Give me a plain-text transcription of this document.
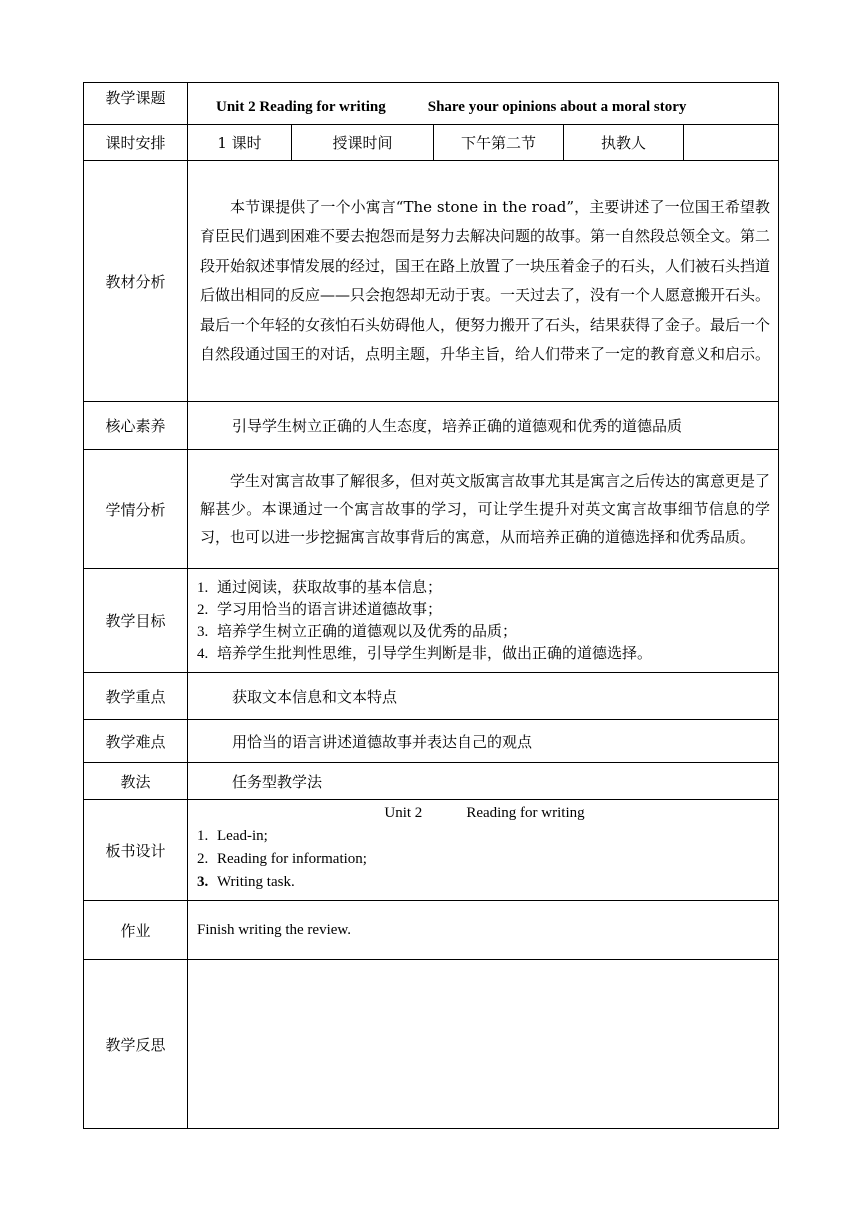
教学课题	Unit 2 Reading for writing Share your opinions about a moral story				
课时安排	1 课时	授课时间	下午第二节	执教人	
教材分析	本节课提供了一个小寓言“The stone in the road”，主要讲述了一位国王希望教育臣民们遇到困难不要去抱怨而是努力去解决问题的故事。第一自然段总领全文。第二段开始叙述事情发展的经过，国王在路上放置了一块压着金子的石头，人们被石头挡道后做出相同的反应——只会抱怨却无动于衷。一天过去了，没有一个人愿意搬开石头。最后一个年轻的女孩怕石头妨碍他人，便努力搬开了石头，结果获得了金子。最后一个自然段通过国王的对话，点明主题，升华主旨，给人们带来了一定的教育意义和启示。				
核心素养	引导学生树立正确的人生态度，培养正确的道德观和优秀的道德品质				
学情分析	学生对寓言故事了解很多，但对英文版寓言故事尤其是寓言之后传达的寓意更是了解甚少。本课通过一个寓言故事的学习，可让学生提升对英文寓言故事细节信息的学习，也可以进一步挖掘寓言故事背后的寓意，从而培养正确的道德选择和优秀品质。				
教学目标	1. 通过阅读，获取故事的基本信息；
2. 学习用恰当的语言讲述道德故事；
3. 培养学生树立正确的道德观以及优秀的品质；
4. 培养学生批判性思维，引导学生判断是非，做出正确的道德选择。				

教学重点	获取文本信息和文本特点				
教学难点	用恰当的语言讲述道德故事并表达自己的观点				
教法	任务型教学法				
板书设计	Unit 2 Reading for writing
1. Lead-in;
2. Reading for information;
3. Writing task.				

作业	Finish writing the review.				
教学反思					
